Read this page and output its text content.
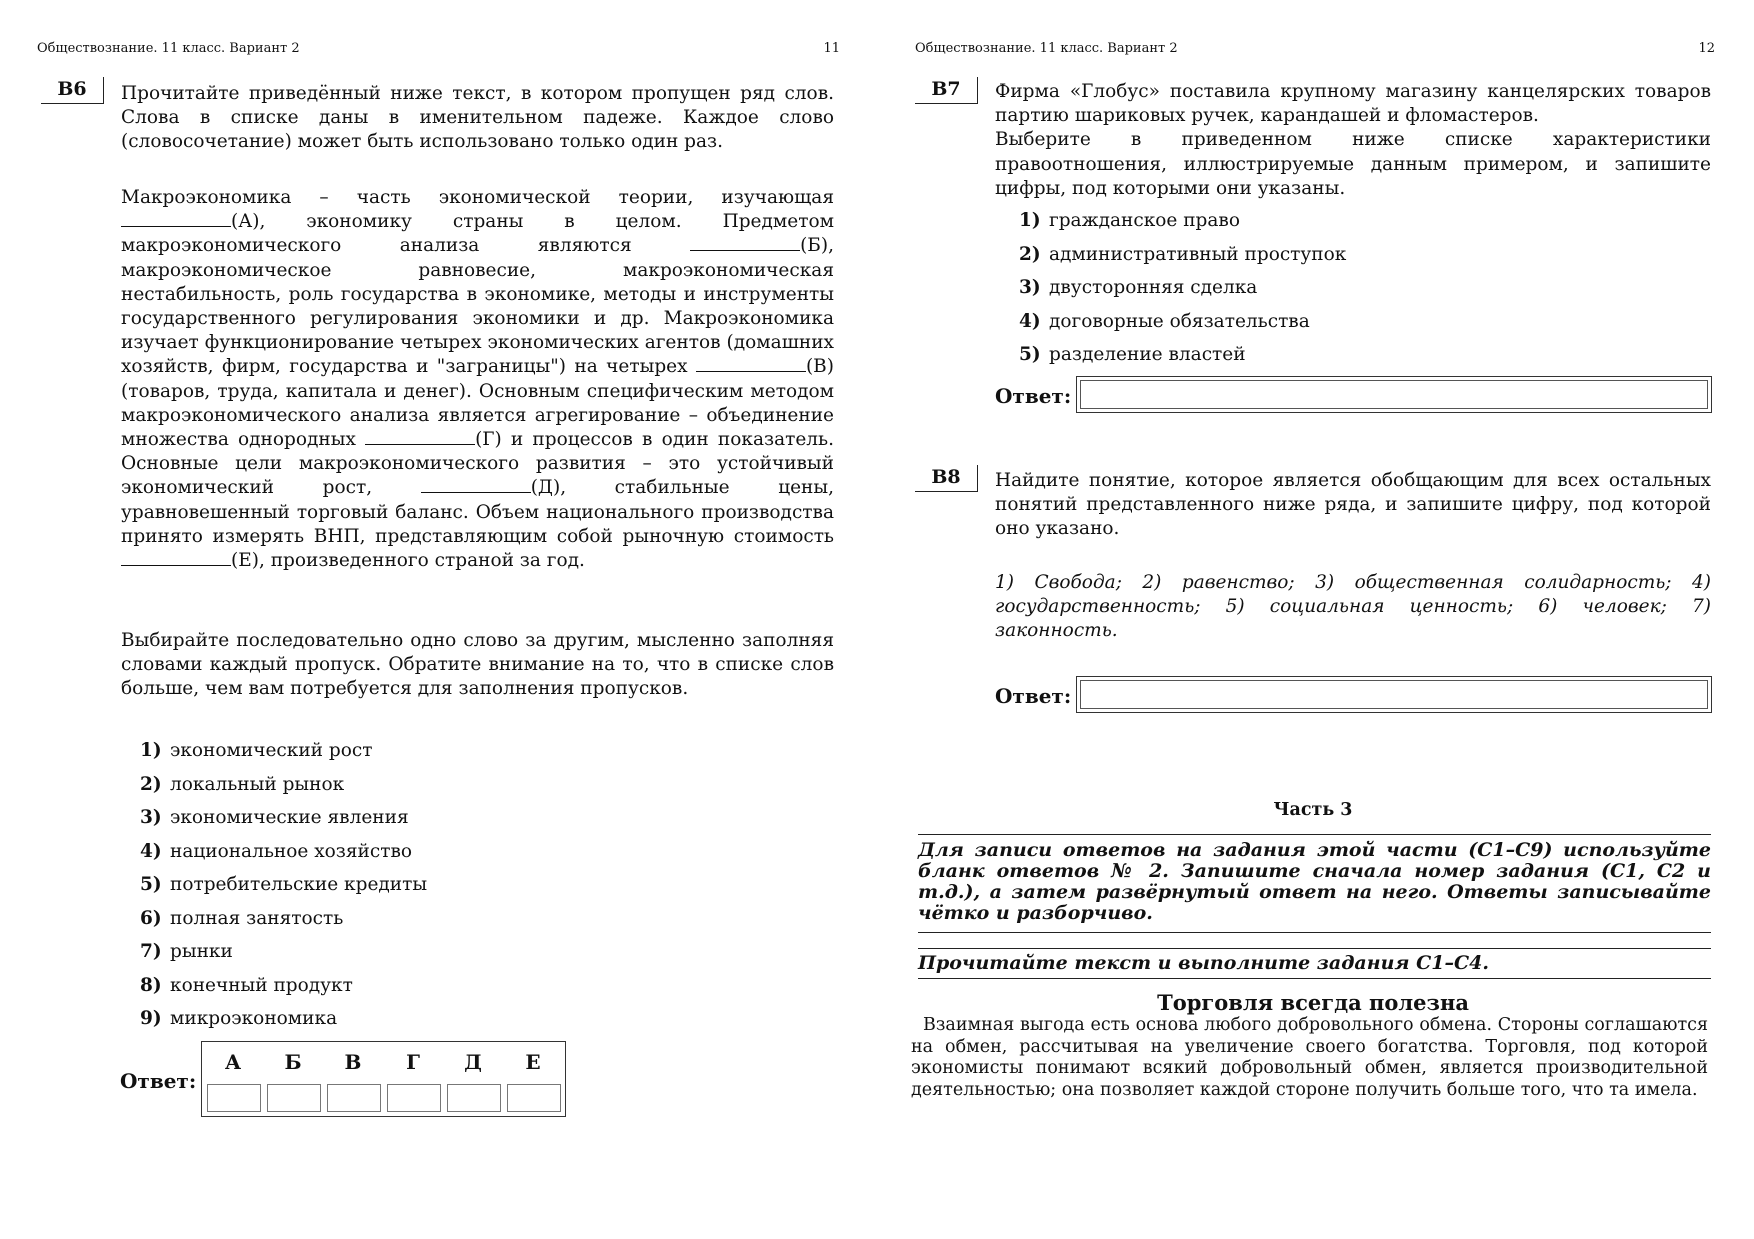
Обществознание. 11 класс. Вариант 2	11
В6	Прочитайте приведённый ниже текст, в котором пропущен ряд слов. Слова в списке даны в именительном падеже. Каждое слово (словосочетание) может быть использовано только один раз.
Макроэкономика – часть экономической теории, изучающая (А), экономику страны в целом. Предметом макроэкономического анализа являются	(Б), макроэкономическое равновесие, макроэкономическая нестабильность, роль государства в экономике, методы и инструменты государственного регулирования экономики и др. Макроэкономика изучает функционирование четырех экономических агентов (домашних хозяйств, фирм, государства и "заграницы") на четырех	(В) (товаров, труда, капитала и денег). Основным специфическим методом макроэкономического анализа является агрегирование – объединение множества однородных	(Г) и процессов в один показатель. Основные цели макроэкономического развития – это устойчивый экономический рост,	(Д), стабильные цены, уравновешенный торговый баланс. Объем национального производства принято измерять ВНП, представляющим собой рыночную стоимость (Е), произведенного страной за год.
Выбирайте последовательно одно слово за другим, мысленно заполняя словами каждый пропуск. Обратите внимание на то, что в списке слов больше, чем вам потребуется для заполнения пропусков.
1) экономический рост
2) локальный рынок
3) экономические явления
4) национальное хозяйство
5) потребительские кредиты
6) полная занятость
7) рынки
8) конечный продукт
9) микроэкономика
Ответ:
А	Б	В	Г	Д	Е
Обществознание. 11 класс. Вариант 2	12
В7	Фирма «Глобус» поставила крупному магазину канцелярских товаров партию шариковых ручек, карандашей и фломастеров.
Выберите в приведенном ниже списке характеристики правоотношения, иллюстрируемые данным примером, и запишите цифры, под которыми они указаны.
1) гражданское право
2) административный проступок
3) двусторонняя сделка
4) договорные обязательства
5) разделение властей
Ответ:
В8	Найдите понятие, которое является обобщающим для всех остальных понятий представленного ниже ряда, и запишите цифру, под которой оно указано.
1) Свобода; 2) равенство; 3) общественная солидарность; 4) государственность; 5) социальная ценность; 6) человек; 7) законность.
Ответ:
Часть 3
Для записи ответов на задания этой части (С1–С9) используйте бланк ответов № 2. Запишите сначала номер задания (С1, С2 и т.д.), а затем развёрнутый ответ на него. Ответы записывайте чётко и разборчиво.
Прочитайте текст и выполните задания С1–С4.
Торговля всегда полезна
Взаимная выгода есть основа любого добровольного обмена. Стороны соглашаются на обмен, рассчитывая на увеличение своего богатства. Торговля, под которой экономисты понимают всякий добровольный обмен, является производительной деятельностью; она позволяет каждой стороне получить больше того, что та имела.
